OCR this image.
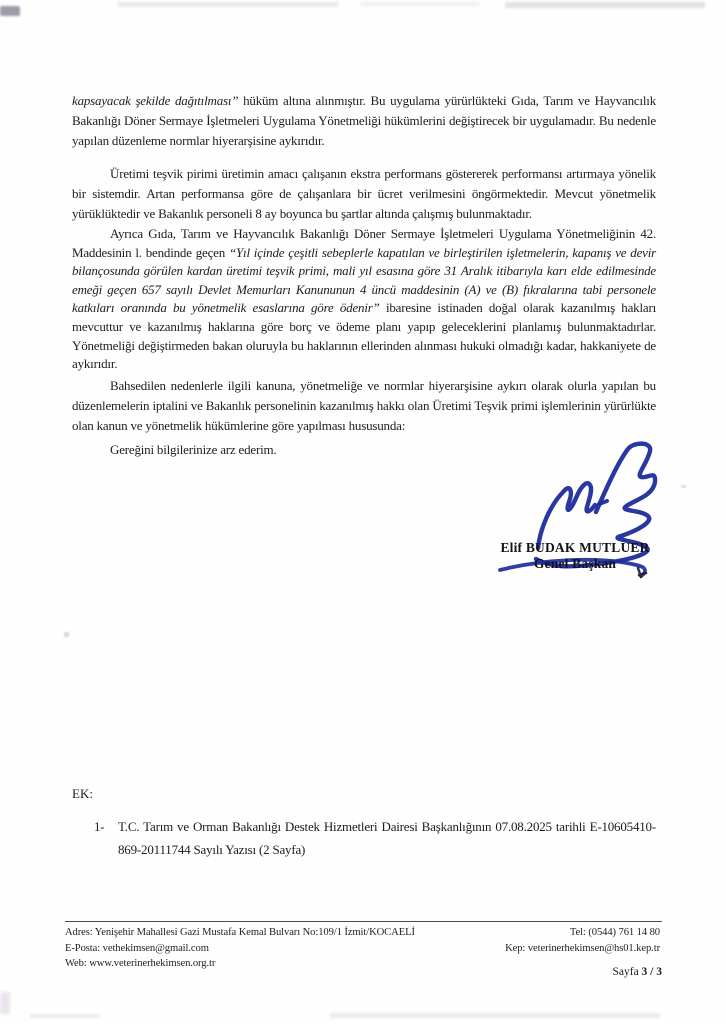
kapsayacak şekilde dağıtılması” hüküm altına alınmıştır. Bu uygulama yürürlükteki Gıda, Tarım ve Hayvancılık Bakanlığı Döner Sermaye İşletmeleri Uygulama Yönetmeliği hükümlerini değiştirecek bir uygulamadır. Bu nedenle yapılan düzenleme normlar hiyerarşisine aykırıdır.

Üretimi teşvik pirimi üretimin amacı çalışanın ekstra performans göstererek performansı artırmaya yönelik bir sistemdir. Artan performansa göre de çalışanlara bir ücret verilmesini öngörmektedir. Mevcut yönetmelik yürüklüktedir ve Bakanlık personeli 8 ay boyunca bu şartlar altında çalışmış bulunmaktadır.

Ayrıca Gıda, Tarım ve Hayvancılık Bakanlığı Döner Sermaye İşletmeleri Uygulama Yönetmeliğinin 42. Maddesinin l. bendinde geçen “Yıl içinde çeşitli sebeplerle kapatılan ve birleştirilen işletmelerin, kapanış ve devir bilançosunda görülen kardan üretimi teşvik primi, mali yıl esasına göre 31 Aralık itibarıyla karı elde edilmesinde emeği geçen 657 sayılı Devlet Memurları Kanununun 4 üncü maddesinin (A) ve (B) fıkralarına tabi personele katkıları oranında bu yönetmelik esaslarına göre ödenir” ibaresine istinaden doğal olarak kazanılmış hakları mevcuttur ve kazanılmış haklarına göre borç ve ödeme planı yapıp geleceklerini planlamış bulunmaktadırlar. Yönetmeliği değiştirmeden bakan oluruyla bu haklarının ellerinden alınması hukuki olmadığı kadar, hakkaniyete de aykırıdır.

Bahsedilen nedenlerle ilgili kanuna, yönetmeliğe ve normlar hiyerarşisine aykırı olarak olurla yapılan bu düzenlemelerin iptalini ve Bakanlık personelinin kazanılmış hakkı olan Üretimi Teşvik primi işlemlerinin yürürlükte olan kanun ve yönetmelik hükümlerine göre yapılması hususunda:

Gereğini bilgilerinize arz ederim.

Elif BUDAK MUTLUER
Genel Başkan
EK:
1-	T.C. Tarım ve Orman Bakanlığı Destek Hizmetleri Dairesi Başkanlığının 07.08.2025 tarihli E-10605410-869-20111744 Sayılı Yazısı (2 Sayfa)
Adres: Yenişehir Mahallesi Gazi Mustafa Kemal Bulvarı No:109/1 İzmit/KOCAELİ
E-Posta: vethekimsen@gmail.com
Web: www.veterinerhekimsen.org.tr
Tel: (0544) 761 14 80
Kep: veterinerhekimsen@hs01.kep.tr
Sayfa 3 / 3
